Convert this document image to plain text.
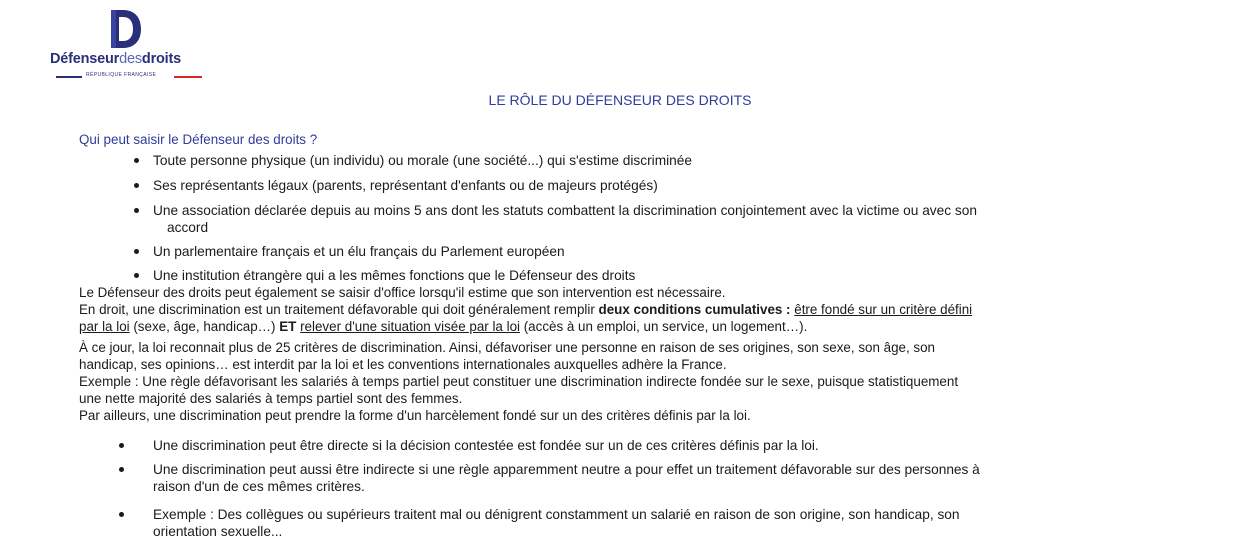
Défenseurdesdroits
RÉPUBLIQUE FRANÇAISE
LE RÔLE DU DÉFENSEUR DES DROITS
Qui peut saisir le Défenseur des droits ?
Toute personne physique (un individu) ou morale (une société...) qui s'estime discriminée
Ses représentants légaux (parents, représentant d'enfants ou de majeurs protégés)
Une association déclarée depuis au moins 5 ans dont les statuts combattent la discrimination conjointement avec la victime ou avec son
accord
Un parlementaire français et un élu français du Parlement européen
Une institution étrangère qui a les mêmes fonctions que le Défenseur des droits
Le Défenseur des droits peut également se saisir d'office lorsqu'il estime que son intervention est nécessaire.
En droit, une discrimination est un traitement défavorable qui doit généralement remplir deux conditions cumulatives : être fondé sur un critère défini
par la loi (sexe, âge, handicap…) ET relever d'une situation visée par la loi (accès à un emploi, un service, un logement…).
À ce jour, la loi reconnait plus de 25 critères de discrimination. Ainsi, défavoriser une personne en raison de ses origines, son sexe, son âge, son
handicap, ses opinions… est interdit par la loi et les conventions internationales auxquelles adhère la France.
Exemple : Une règle défavorisant les salariés à temps partiel peut constituer une discrimination indirecte fondée sur le sexe, puisque statistiquement
une nette majorité des salariés à temps partiel sont des femmes.
Par ailleurs, une discrimination peut prendre la forme d'un harcèlement fondé sur un des critères définis par la loi.
Une discrimination peut être directe si la décision contestée est fondée sur un de ces critères définis par la loi.
Une discrimination peut aussi être indirecte si une règle apparemment neutre a pour effet un traitement défavorable sur des personnes à
raison d'un de ces mêmes critères.
Exemple : Des collègues ou supérieurs traitent mal ou dénigrent constamment un salarié en raison de son origine, son handicap, son
orientation sexuelle...
